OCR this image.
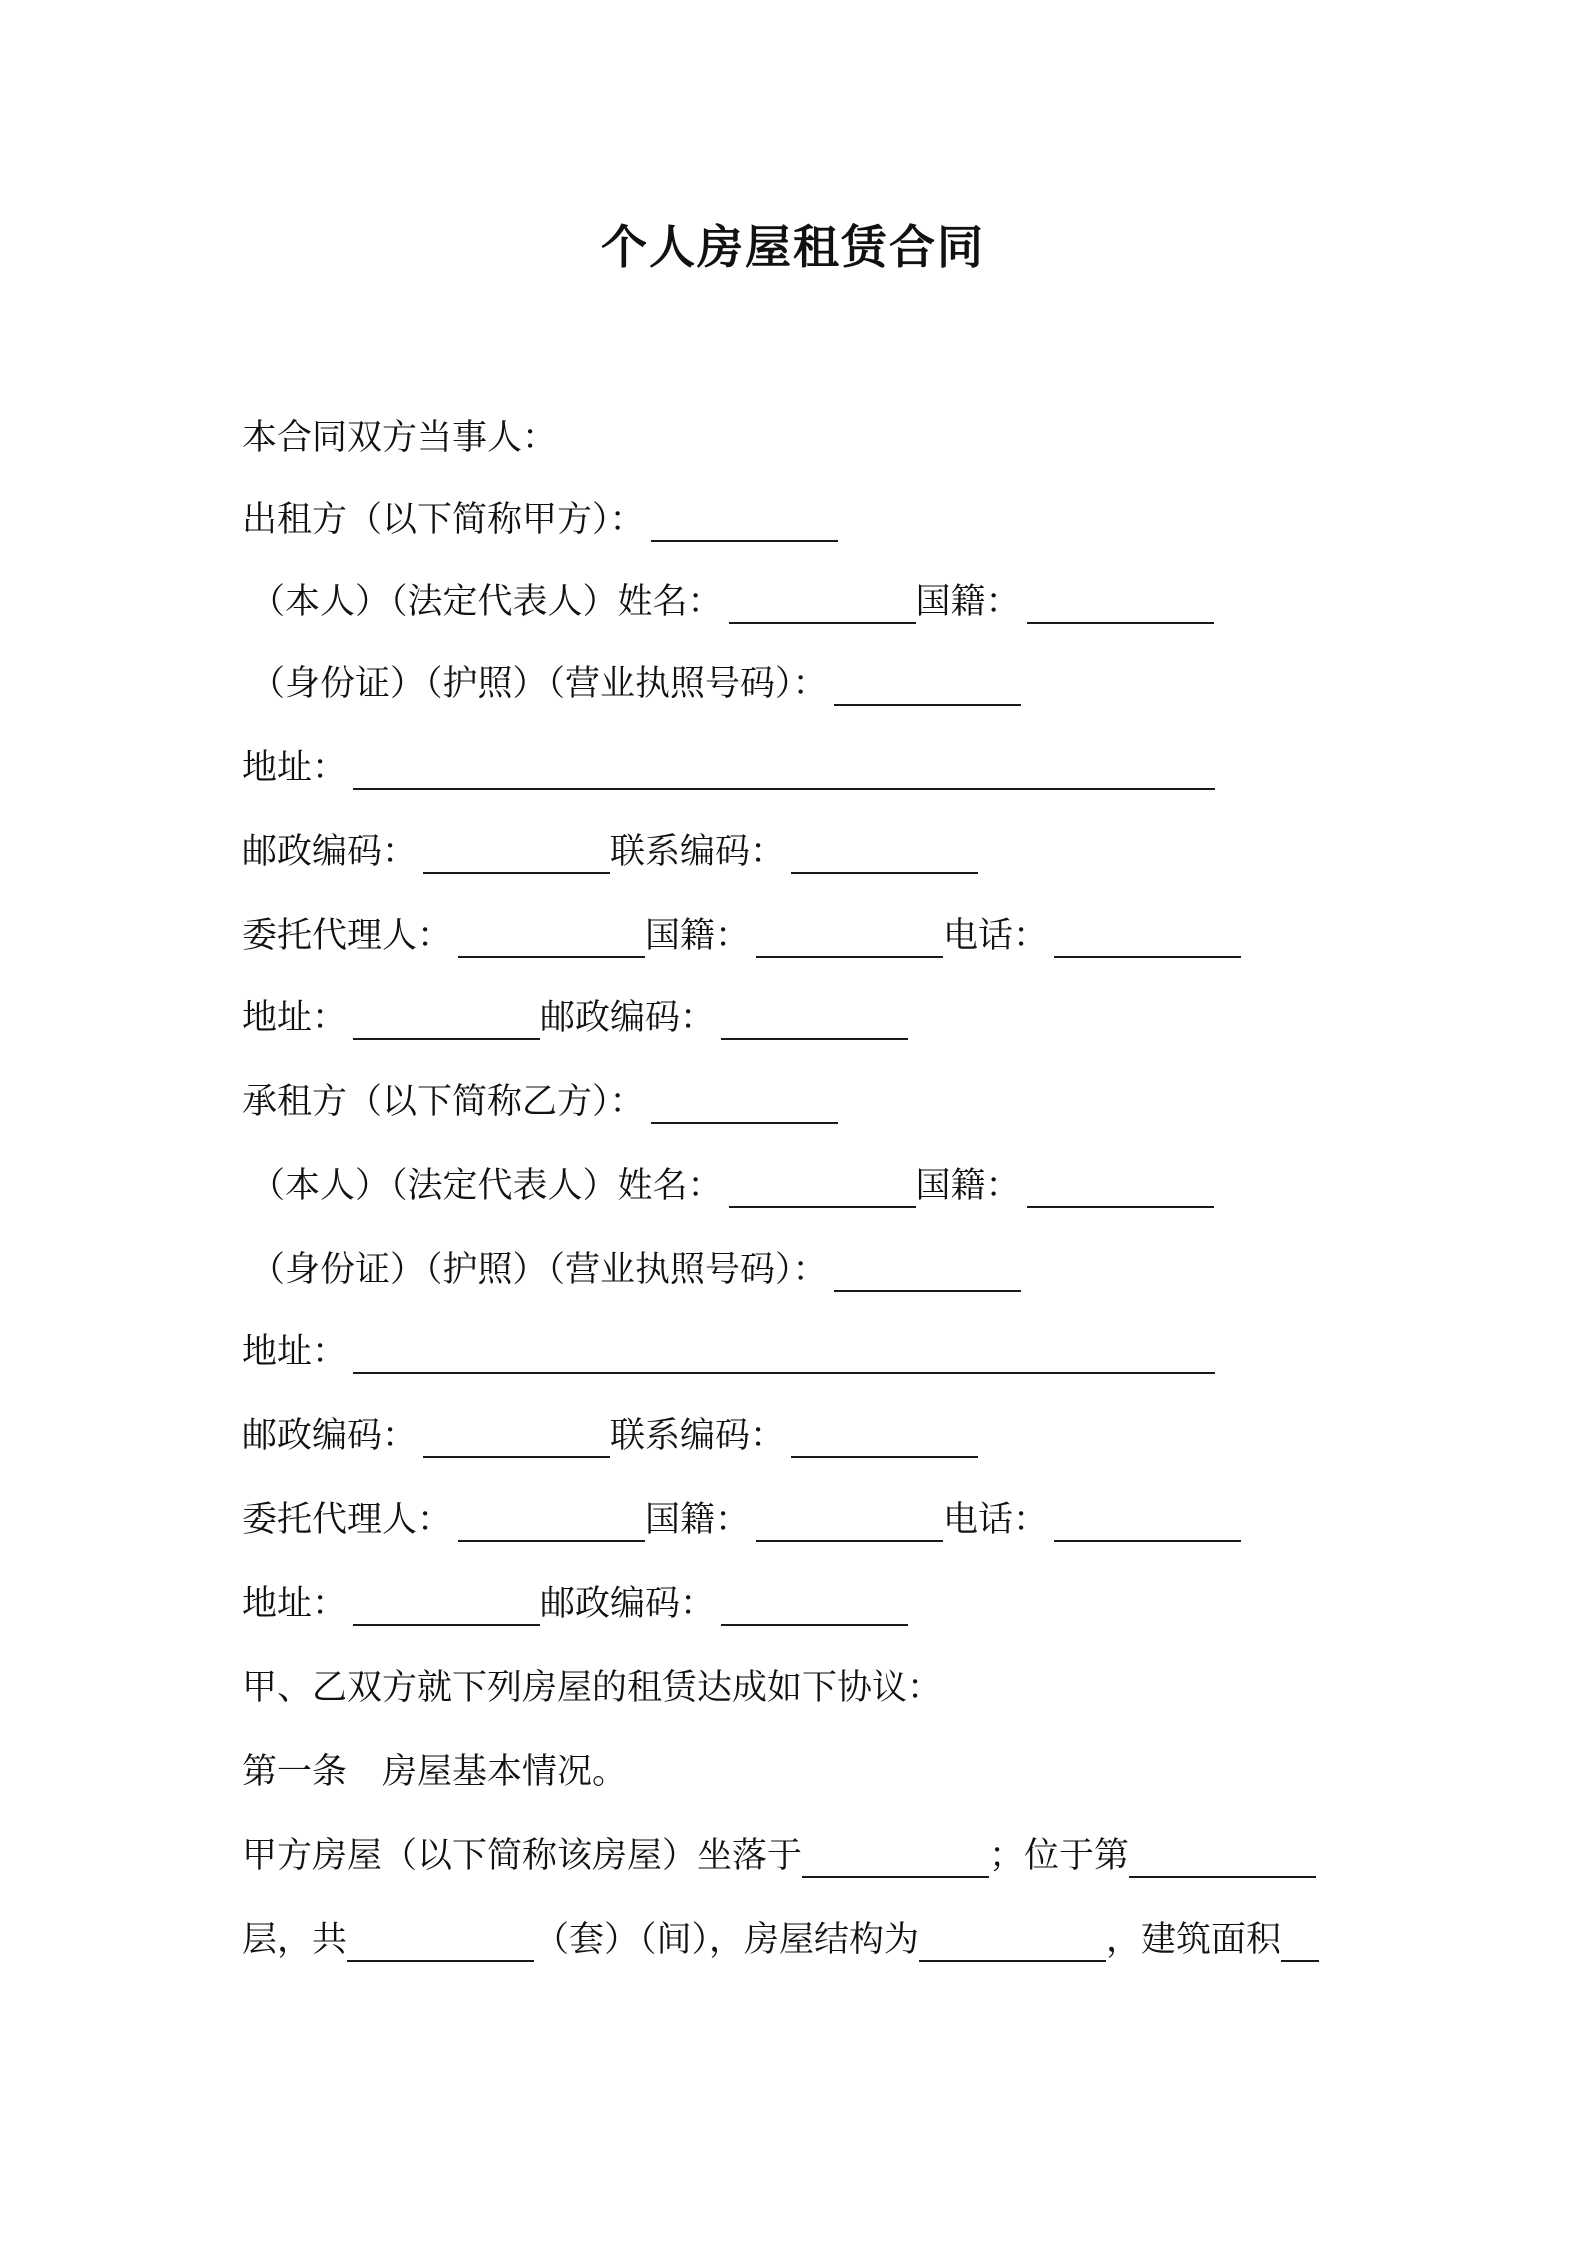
个人房屋租赁合同
本合同双方当事人：
出租方（以下简称甲方）：
（本人）（法定代表人）姓名：	国籍：
（身份证）（护照）（营业执照号码）：
地址：
邮政编码：	联系编码：
委托代理人：	国籍：	电话：
地址：	邮政编码：
承租方（以下简称乙方）：
（本人）（法定代表人）姓名：	国籍：
（身份证）（护照）（营业执照号码）：
地址：
邮政编码：	联系编码：
委托代理人：	国籍：	电话：
地址：	邮政编码：
甲、乙双方就下列房屋的租赁达成如下协议：
第一条　房屋基本情况。
甲方房屋（以下简称该房屋）坐落于	；位于第
层，共	（套）（间），房屋结构为	，建筑面积
